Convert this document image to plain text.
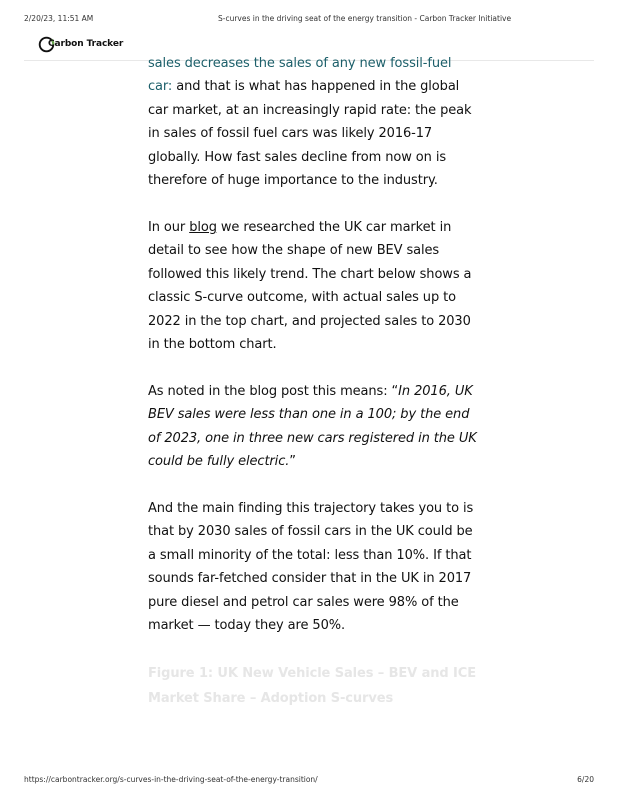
2/20/23, 11:51 AM	S-curves in the driving seat of the energy transition - Carbon Tracker Initiative
Carbon Tracker

sales decreases the sales of any new fossil-fuel car: and that is what has happened in the global car market, at an increasingly rapid rate: the peak in sales of fossil fuel cars was likely 2016-17 globally. How fast sales decline from now on is therefore of huge importance to the industry.

In our blog we researched the UK car market in detail to see how the shape of new BEV sales followed this likely trend. The chart below shows a classic S-curve outcome, with actual sales up to 2022 in the top chart, and projected sales to 2030 in the bottom chart.

As noted in the blog post this means: “In 2016, UK BEV sales were less than one in a 100; by the end of 2023, one in three new cars registered in the UK could be fully electric.”

And the main finding this trajectory takes you to is that by 2030 sales of fossil cars in the UK could be a small minority of the total: less than 10%. If that sounds far-fetched consider that in the UK in 2017 pure diesel and petrol car sales were 98% of the market — today they are 50%.

Figure 1: UK New Vehicle Sales – BEV and ICE Market Share – Adoption S-curves

https://carbontracker.org/s-curves-in-the-driving-seat-of-the-energy-transition/	6/20
